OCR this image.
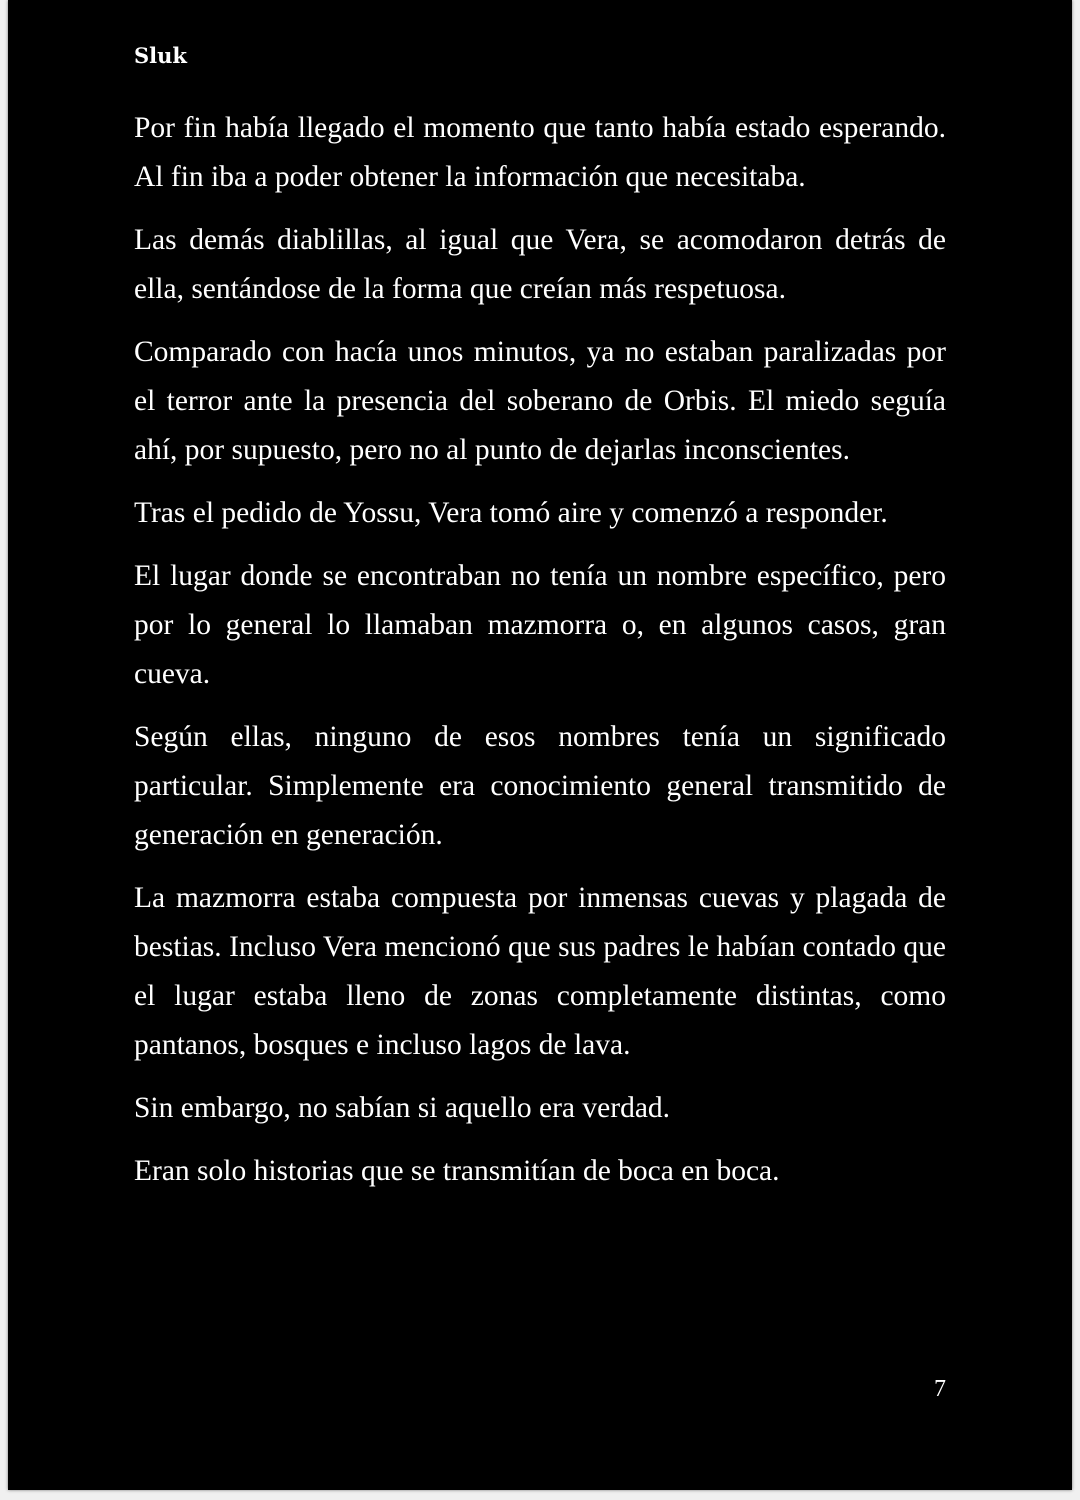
Sluk

Por fin había llegado el momento que tanto había estado esperando. Al fin iba a poder obtener la información que necesitaba.

Las demás diablillas, al igual que Vera, se acomodaron detrás de ella, sentándose de la forma que creían más respetuosa.

Comparado con hacía unos minutos, ya no estaban paralizadas por el terror ante la presencia del soberano de Orbis. El miedo seguía ahí, por supuesto, pero no al punto de dejarlas inconscientes.

Tras el pedido de Yossu, Vera tomó aire y comenzó a responder.

El lugar donde se encontraban no tenía un nombre específico, pero por lo general lo llamaban mazmorra o, en algunos casos, gran cueva.

Según ellas, ninguno de esos nombres tenía un significado particular. Simplemente era conocimiento general transmitido de generación en generación.

La mazmorra estaba compuesta por inmensas cuevas y plagada de bestias. Incluso Vera mencionó que sus padres le habían contado que el lugar estaba lleno de zonas completamente distintas, como pantanos, bosques e incluso lagos de lava.

Sin embargo, no sabían si aquello era verdad.

Eran solo historias que se transmitían de boca en boca.

7
